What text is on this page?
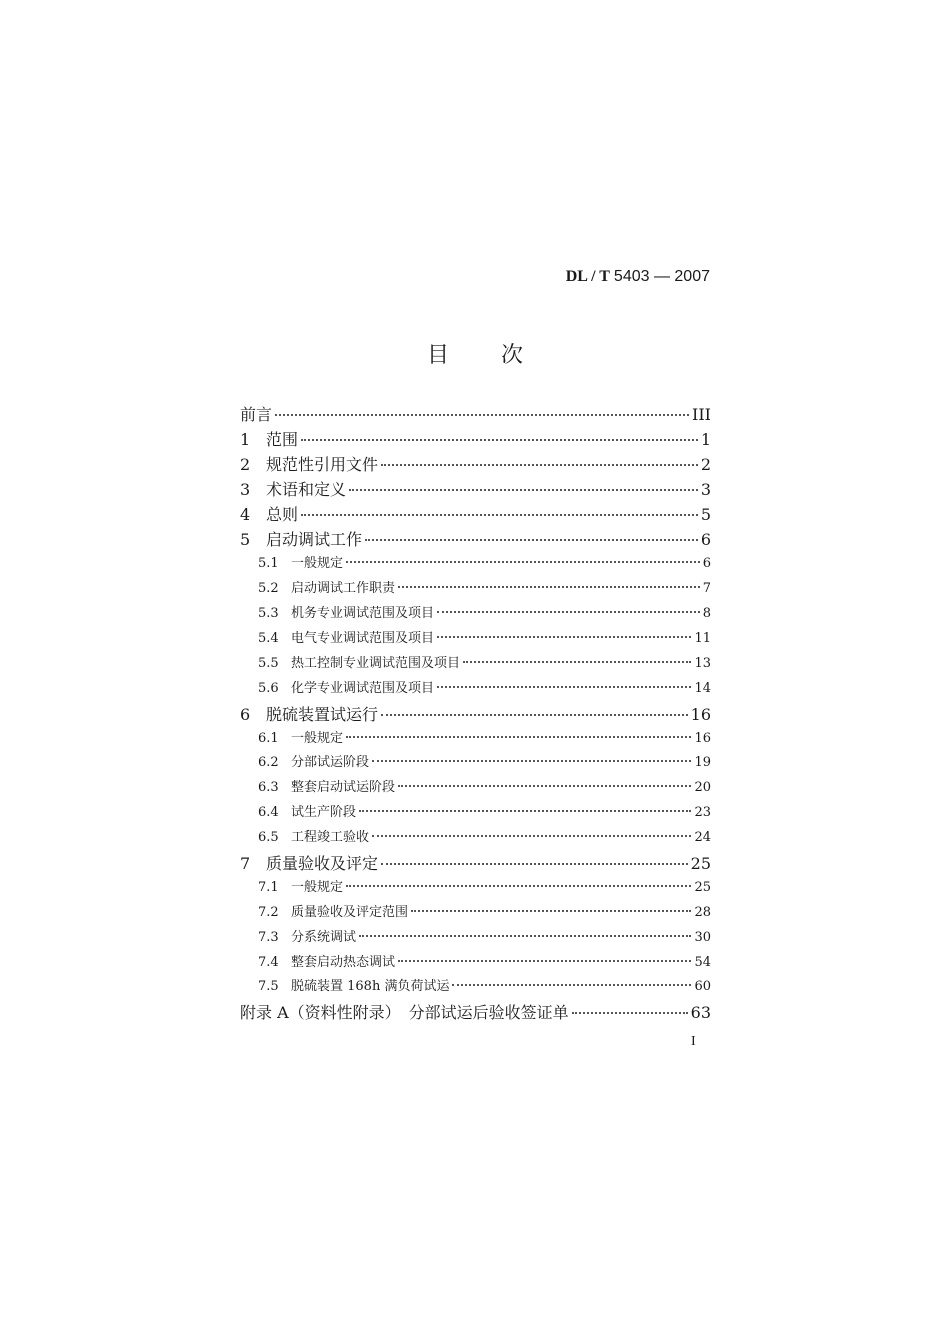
DL / T 5403 — 2007
目 次
前言	III
1 范围	1
2 规范性引用文件	2
3 术语和定义	3
4 总则	5
5 启动调试工作	6
5.1 一般规定	6
5.2 启动调试工作职责	7
5.3 机务专业调试范围及项目	8
5.4 电气专业调试范围及项目	11
5.5 热工控制专业调试范围及项目	13
5.6 化学专业调试范围及项目	14
6 脱硫装置试运行	16
6.1 一般规定	16
6.2 分部试运阶段	19
6.3 整套启动试运阶段	20
6.4 试生产阶段	23
6.5 工程竣工验收	24
7 质量验收及评定	25
7.1 一般规定	25
7.2 质量验收及评定范围	28
7.3 分系统调试	30
7.4 整套启动热态调试	54
7.5 脱硫装置 168h 满负荷试运	60
附录 A（资料性附录）　分部试运后验收签证单	63
I
